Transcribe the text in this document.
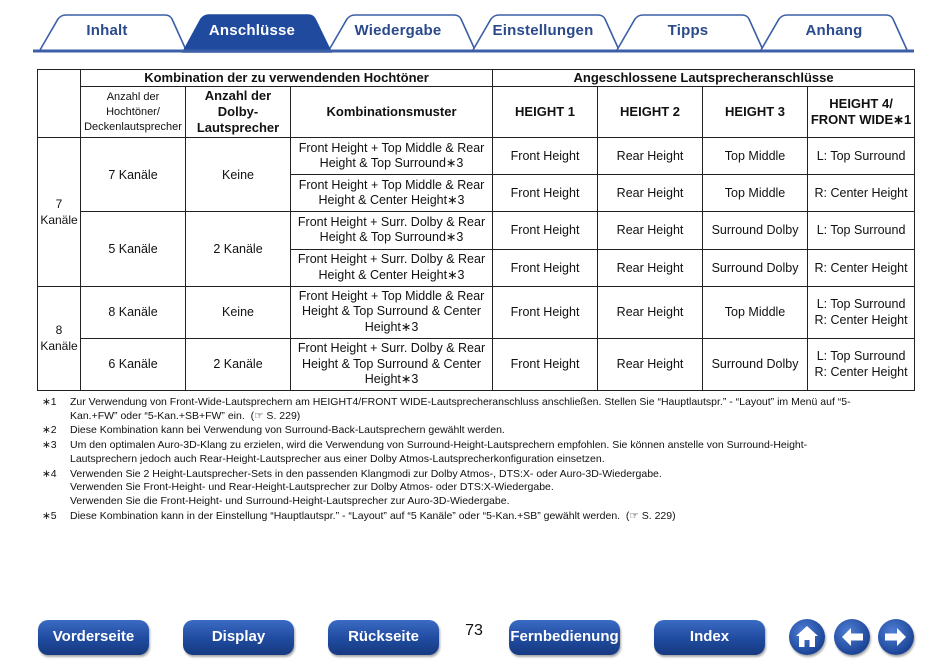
Inhalt	Anschlüsse	Wiedergabe	Einstellungen	Tipps	Anhang
	Kombination der zu verwendenden Hochtöner			Angeschlossene Lautsprecheranschlüsse			
	Anzahl der Hochtöner/ Deckenlautsprecher	Anzahl der Dolby-Lautsprecher	Kombinationsmuster	HEIGHT 1	HEIGHT 2	HEIGHT 3	HEIGHT 4/ FRONT WIDE∗1
7 Kanäle	7 Kanäle	Keine	Front Height + Top Middle & Rear Height & Top Surround∗3	Front Height	Rear Height	Top Middle	L: Top Surround
			Front Height + Top Middle & Rear Height & Center Height∗3	Front Height	Rear Height	Top Middle	R: Center Height
	5 Kanäle	2 Kanäle	Front Height + Surr. Dolby & Rear Height & Top Surround∗3	Front Height	Rear Height	Surround Dolby	L: Top Surround
			Front Height + Surr. Dolby & Rear Height & Center Height∗3	Front Height	Rear Height	Surround Dolby	R: Center Height
8 Kanäle	8 Kanäle	Keine	Front Height + Top Middle & Rear Height & Top Surround & Center Height∗3	Front Height	Rear Height	Top Middle	L: Top Surround
R: Center Height

	6 Kanäle	2 Kanäle	Front Height + Surr. Dolby & Rear Height & Top Surround & Center Height∗3	Front Height	Rear Height	Surround Dolby	L: Top Surround
R: Center Height
∗1	Zur Verwendung von Front-Wide-Lautsprechern am HEIGHT4/FRONT WIDE-Lautsprecheranschluss anschließen. Stellen Sie “Hauptlautspr.” - “Layout” im Menü auf “5-
Kan.+FW” oder “5-Kan.+SB+FW” ein.  (☞ S. 229)
∗2	Diese Kombination kann bei Verwendung von Surround-Back-Lautsprechern gewählt werden.
∗3	Um den optimalen Auro-3D-Klang zu erzielen, wird die Verwendung von Surround-Height-Lautsprechern empfohlen. Sie können anstelle von Surround-Height-
Lautsprechern jedoch auch Rear-Height-Lautsprecher aus einer Dolby Atmos-Lautsprecherkonfiguration einsetzen.
∗4	Verwenden Sie 2 Height-Lautsprecher-Sets in den passenden Klangmodi zur Dolby Atmos-, DTS:X- oder Auro-3D-Wiedergabe.
Verwenden Sie Front-Height- und Rear-Height-Lautsprecher zur Dolby Atmos- oder DTS:X-Wiedergabe.
Verwenden Sie die Front-Height- und Surround-Height-Lautsprecher zur Auro-3D-Wiedergabe.
∗5	Diese Kombination kann in der Einstellung “Hauptlautspr.” - “Layout” auf “5 Kanäle” oder “5-Kan.+SB” gewählt werden.  (☞ S. 229)
Vorderseite	Display	Rückseite	73	Fernbedienung	Index
